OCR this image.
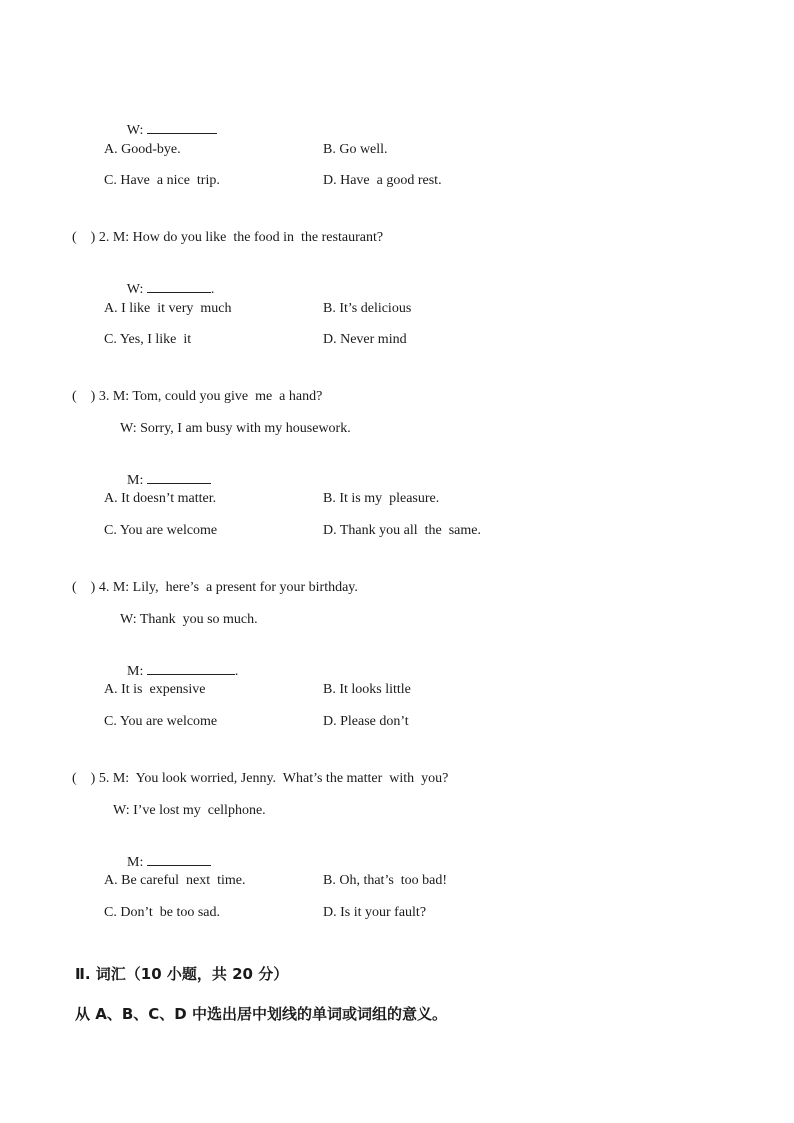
W:

A. Good-bye.	B. Go well.
C. Have  a nice  trip.	D. Have  a good rest.
(    ) 2. M: How do you like  the food in  the restaurant?

W:	.

A. I like  it very  much	B. It’s delicious
C. Yes, I like  it	D. Never mind
(    ) 3. M: Tom, could you give  me  a hand?
W: Sorry, I am busy with my housework.

M:

A. It doesn’t matter.	B. It is my  pleasure.
C. You are welcome	D. Thank you all  the  same.
(    ) 4. M: Lily,  here’s  a present for your birthday.
W: Thank  you so much.

M:	.

A. It is  expensive	B. It looks little
C. You are welcome	D. Please don’t
(    ) 5. M:  You look worried, Jenny.  What’s the matter  with  you?
W: I’ve lost my  cellphone.

M:

A. Be careful  next  time.	B. Oh, that’s  too bad!
C. Don’t  be too sad.	D. Is it your fault?
Ⅱ. 词汇（10 小题，共 20 分）
从 A、B、C、D 中选出居中划线的单词或词组的意义。
